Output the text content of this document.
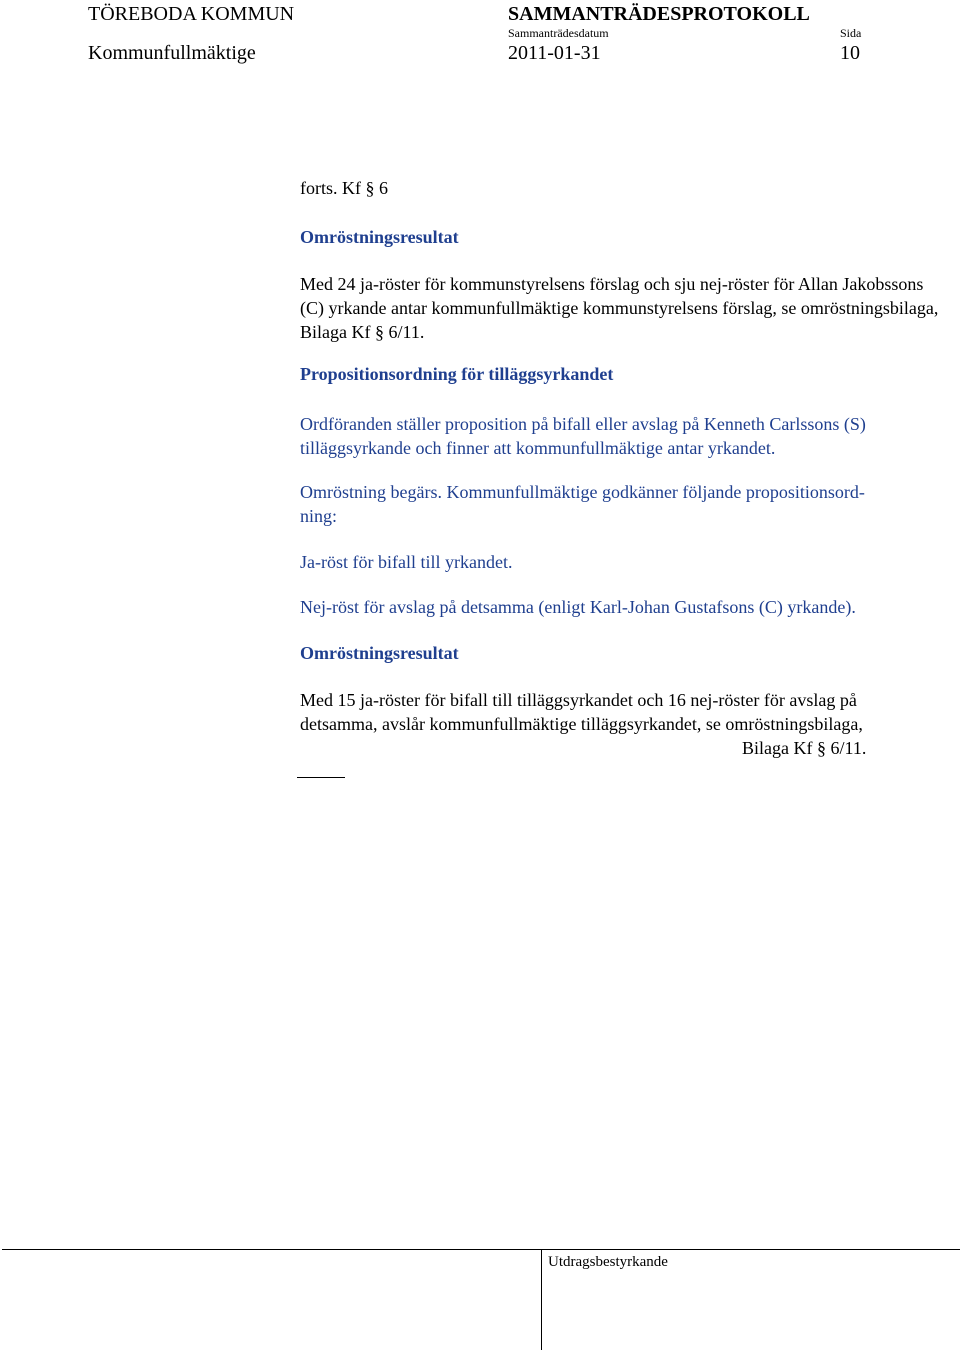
TÖREBODA KOMMUN
Kommunfullmäktige
SAMMANTRÄDESPROTOKOLL
Sammanträdesdatum
2011-01-31
Sida
10
forts. Kf § 6
Omröstningsresultat
Med 24 ja-röster för kommunstyrelsens förslag och sju nej-röster för Allan Jakobssons (C) yrkande antar kommunfullmäktige kommunstyrelsens förslag, se omröstningsbilaga, Bilaga Kf § 6/11.
Propositionsordning för tilläggsyrkandet
Ordföranden ställer proposition på bifall eller avslag på Kenneth Carlssons (S) tilläggsyrkande och finner att kommunfullmäktige antar yrkandet.
Omröstning begärs. Kommunfullmäktige godkänner följande propositionsord-
ning:
Ja-röst för bifall till yrkandet.
Nej-röst för avslag på detsamma (enligt Karl-Johan Gustafsons (C) yrkande).
Omröstningsresultat
Med 15 ja-röster för bifall till tilläggsyrkandet och 16 nej-röster för avslag på
detsamma, avslår kommunfullmäktige tilläggsyrkandet, se omröstningsbilaga,
Bilaga Kf § 6/11.
Utdragsbestyrkande
